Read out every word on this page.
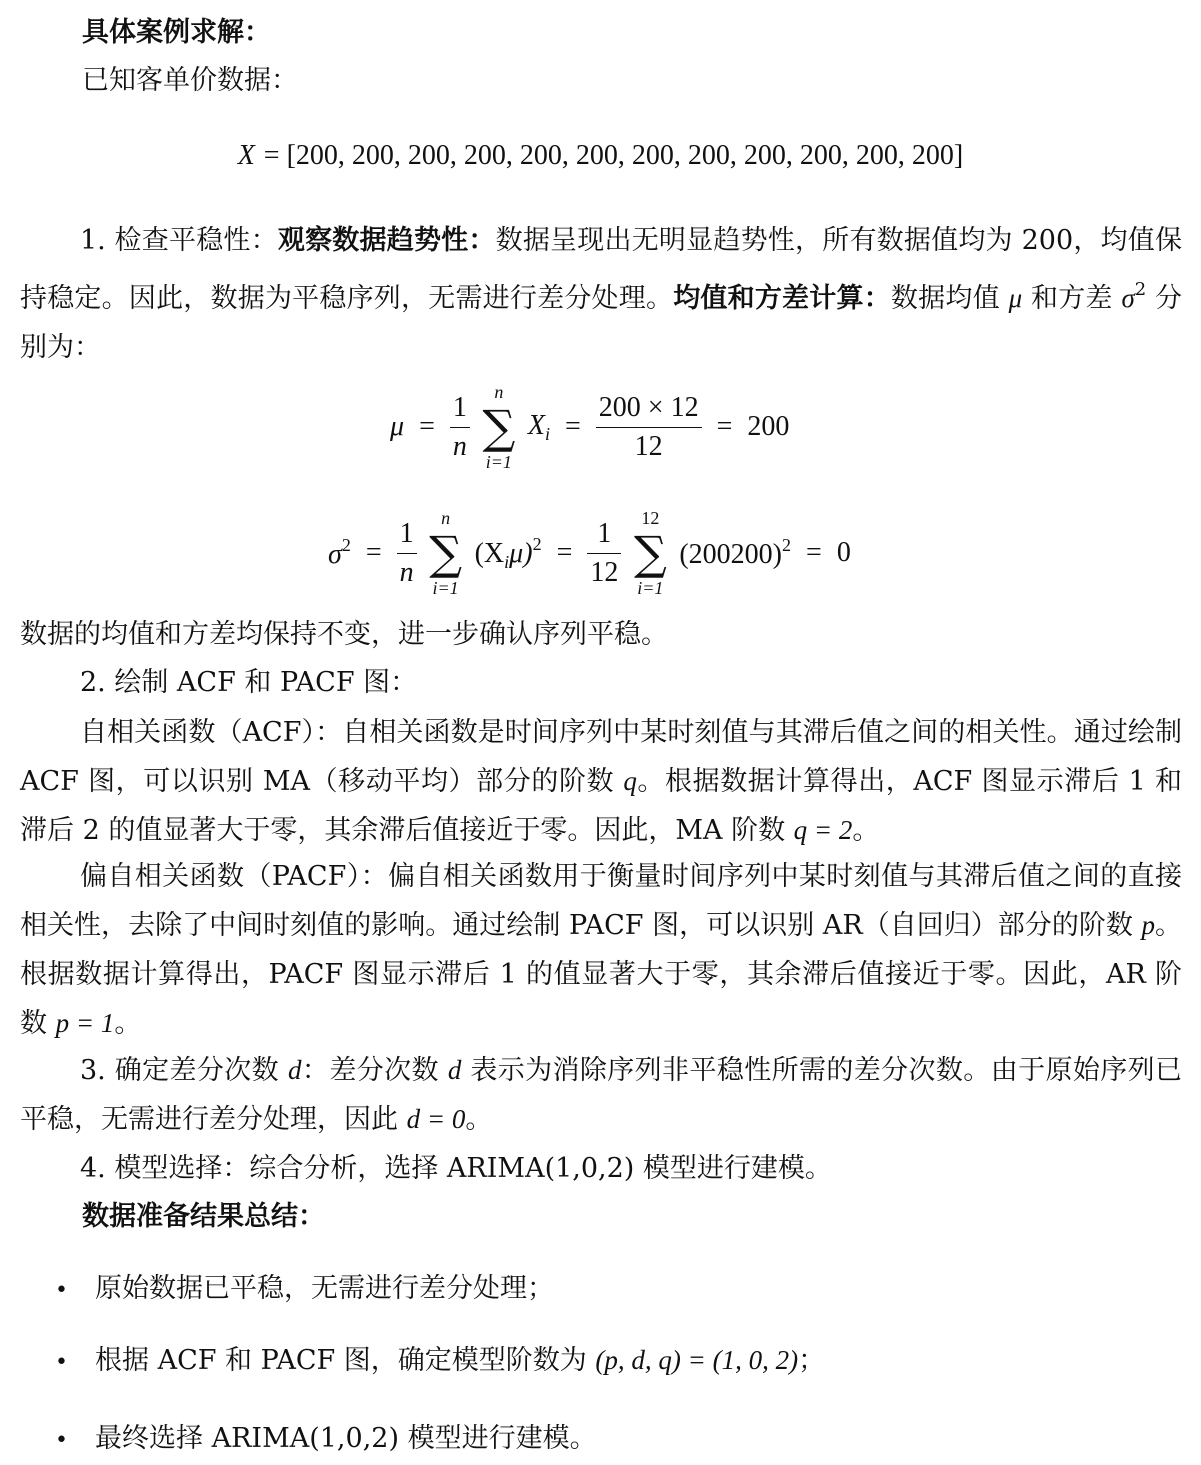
具体案例求解：
已知客单价数据：
X = [200, 200, 200, 200, 200, 200, 200, 200, 200, 200, 200, 200]
1. 检查平稳性：观察数据趋势性：数据呈现出无明显趋势性，所有数据值均为 200，均值保持稳定。因此，数据为平稳序列，无需进行差分处理。均值和方差计算：数据均值 μ 和方差 $\sigma^2$ 分别为：
$\mu = \frac{1}{n}$
	n
∑
i=1
$X_i = \frac{200 \times 12}{12} = 200$
$\sigma^2 = \frac{1}{n}$
	n
∑
i=1
$(X_i\mu)^2 = \frac{1}{12}$
	12
∑
i=1
$(200200)^2 = 0$
数据的均值和方差均保持不变，进一步确认序列平稳。
2. 绘制 ACF 和 PACF 图：
自相关函数（ACF）：自相关函数是时间序列中某时刻值与其滞后值之间的相关性。通过绘制 ACF 图，可以识别 MA（移动平均）部分的阶数 q。根据数据计算得出，ACF 图显示滞后 1 和滞后 2 的值显著大于零，其余滞后值接近于零。因此，MA 阶数 q = 2。
偏自相关函数（PACF）：偏自相关函数用于衡量时间序列中某时刻值与其滞后值之间的直接相关性，去除了中间时刻值的影响。通过绘制 PACF 图，可以识别 AR（自回归）部分的阶数 p。根据数据计算得出，PACF 图显示滞后 1 的值显著大于零，其余滞后值接近于零。因此，AR 阶数 p = 1。
3. 确定差分次数 d：差分次数 d 表示为消除序列非平稳性所需的差分次数。由于原始序列已平稳，无需进行差分处理，因此 d = 0。
4. 模型选择：综合分析，选择 ARIMA(1,0,2) 模型进行建模。
数据准备结果总结：
• 原始数据已平稳，无需进行差分处理；
• 根据 ACF 和 PACF 图，确定模型阶数为 (p, d, q) = (1, 0, 2)；
• 最终选择 ARIMA(1,0,2) 模型进行建模。
